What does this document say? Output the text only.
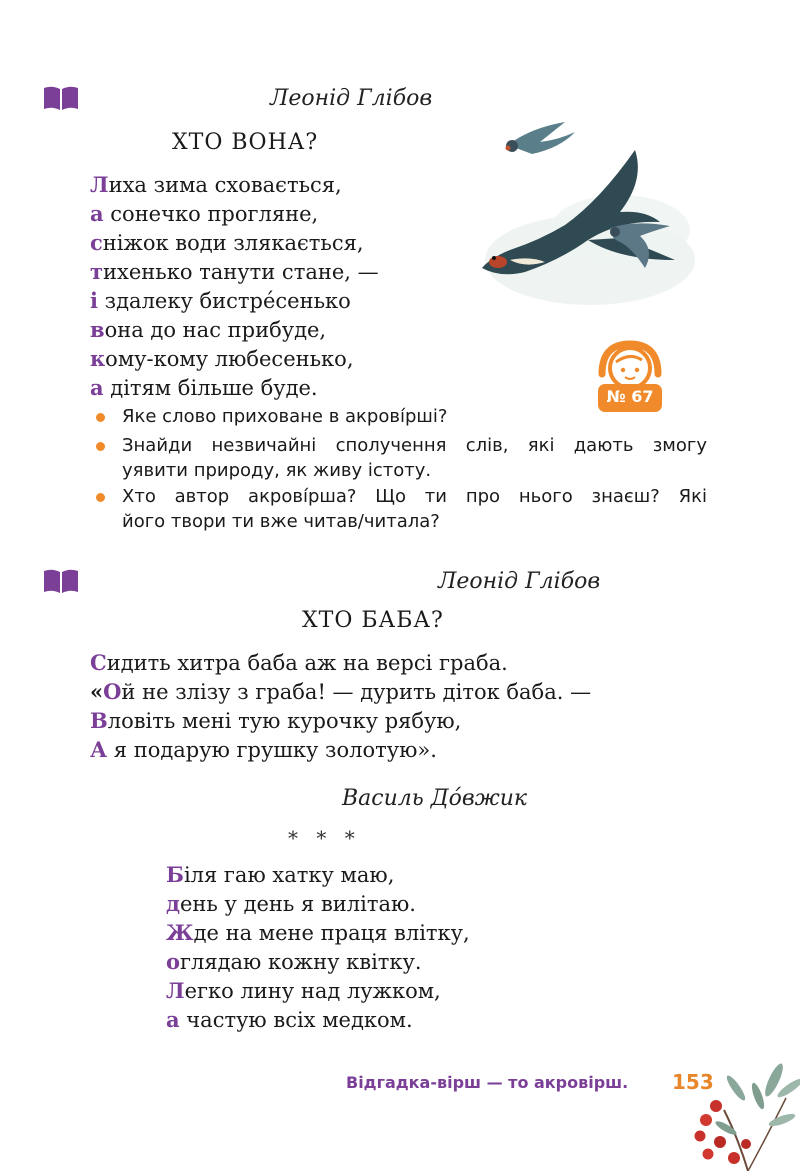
Леонід Глібов
ХТО ВОНА?
Лиха зима сховається,
а сонечко прогляне,
сніжок води злякається,
тихенько танути стане, —
і здалеку бистре́сенько
вона до нас прибуде,
кому-кому любесенько,
а дітям більше буде.	№ 67
Яке слово приховане в акрові́рші?
Знайди незвичайні сполучення слів, які дають змогу
уявити природу, як живу істоту.
Хто автор акрові́рша? Що ти про нього знаєш? Які
його твори ти вже читав/читала?
Леонід Глібов
ХТО БАБА?
Сидить хитра баба аж на версі граба.
«Ой не злізу з граба! — дурить діток баба. —
Вловіть мені тую курочку рябую,
А я подарую грушку золотую».
Василь До́вжик
* * *
Біля гаю хатку маю,
день у день я вилітаю.
Жде на мене праця влітку,
оглядаю кожну квітку.
Легко лину над лужком,
а частую всіх медком.
Відгадка-вірш — то акровірш. 153
